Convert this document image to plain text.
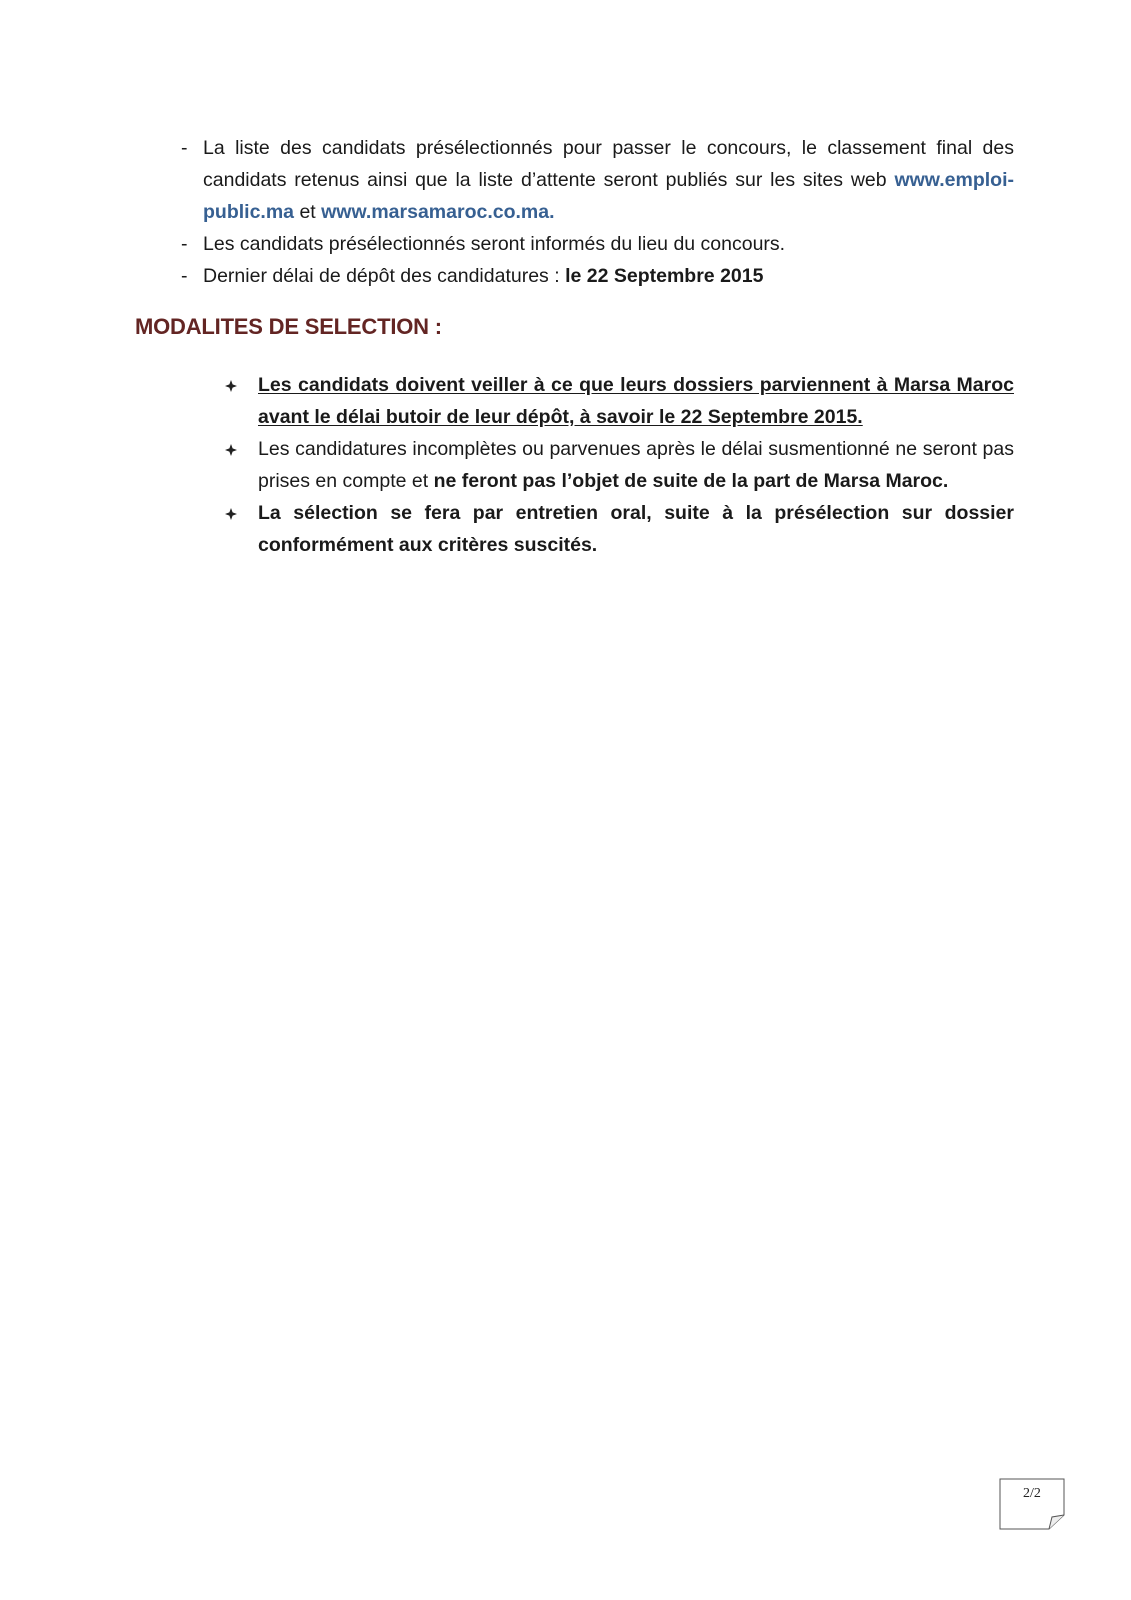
- La liste des candidats présélectionnés pour passer le concours, le classement final des candidats retenus ainsi que la liste d’attente seront publiés sur les sites web www.emploi-public.ma et www.marsamaroc.co.ma.
- Les candidats présélectionnés seront informés du lieu du concours.
- Dernier délai de dépôt des candidatures : le 22 Septembre 2015
MODALITES DE SELECTION :
Les candidats doivent veiller à ce que leurs dossiers parviennent à Marsa Maroc avant le délai butoir de leur dépôt, à savoir le 22 Septembre 2015.
Les candidatures incomplètes ou parvenues après le délai susmentionné ne seront pas prises en compte et ne feront pas l’objet de suite de la part de Marsa Maroc.
La sélection se fera par entretien oral, suite à la présélection sur dossier conformément aux critères suscités.
2/2
